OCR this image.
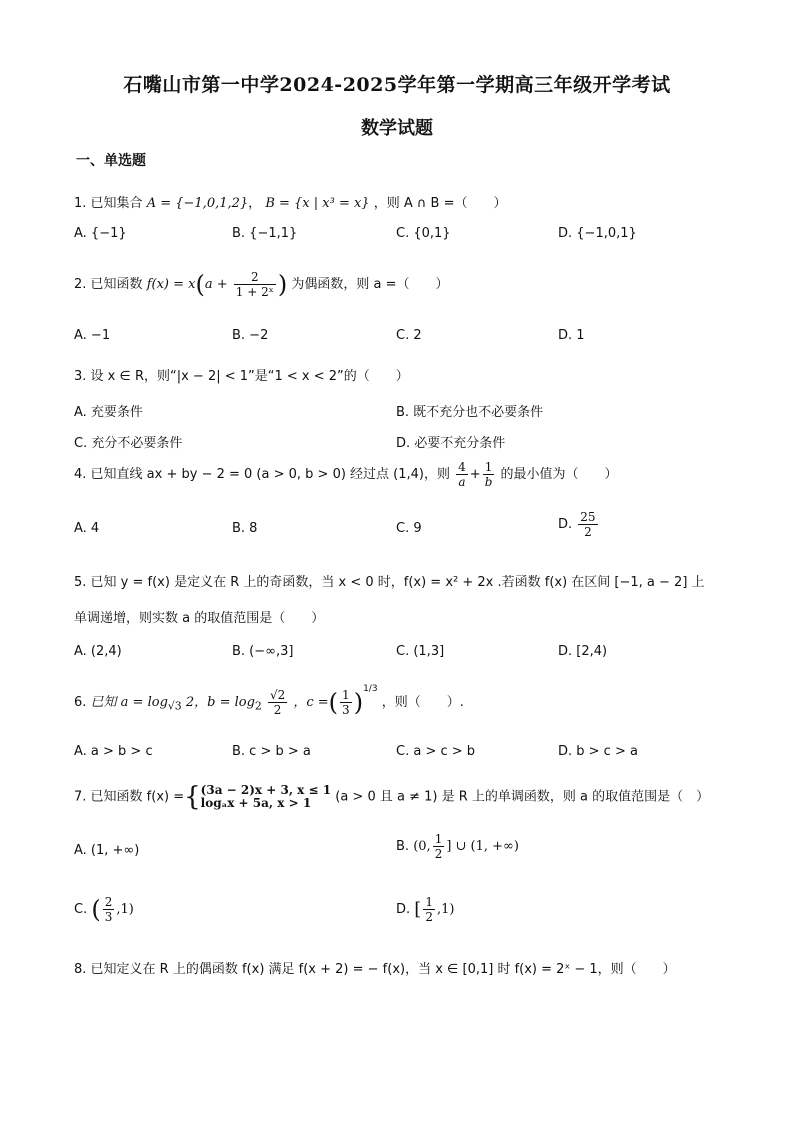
石嘴山市第一中学2024-2025学年第一学期高三年级开学考试
数学试题
一、单选题
1. 已知集合 A = {−1,0,1,2}， B = {x | x³ = x} ，则 A ∩ B =（　　）
A. {−1}	B. {−1,1}	C. {0,1}	D. {−1,0,1}
2. 已知函数 $f(x) = x(a + \frac{2}{\text{1 + 2ˣ}}$ ) 为偶函数，则 a =（　　）
A. −1	B. −2	C. 2	D. 1
3. 设 x ∈ R，则“|x − 2| < 1”是“1 < x < 2”的（　　）
A. 充要条件	B. 既不充分也不必要条件
C. 充分不必要条件	D. 必要不充分条件
4. 已知直线 ax + by − 2 = 0 (a > 0, b > 0) 经过点 (1,4)，则 $\frac{4}{a} + \frac{1}{b}$ 的最小值为（　　）
A. 4	B. 8	C. 9	D. $\frac{25}{2}$
5. 已知 y = f(x) 是定义在 R 上的奇函数，当 x < 0 时，f(x) = x² + 2x .若函数 f(x) 在区间 [−1, a − 2] 上
单调递增，则实数 a 的取值范围是（　　）
A. (2,4)	B. (−∞,3]	C. (1,3]	D. [2,4)
6. 已知 $a = \log_{√3} 2$，$b = \log_2 \frac{√2}{2}$ ，c =( $\frac{1}{3} )^{1/3}$ ，则（　　）.
A. a > b > c	B. c > b > a	C. a > c > b	D. b > c > a
7. 已知函数 f(x) ={ (3a − 2)x + 3, x ≤ 1
logₐx + 5a, x > 1	(a > 0 且 a ≠ 1) 是 R 上的单调函数，则 a 的取值范围是（　）
A. (1, +∞)	B. (0, $\frac{1}{2}$ ] ∪ (1, +∞)
C. ( $\frac{2}{3} ,1$)	D. [ $\frac{1}{2} ,1$)
8. 已知定义在 R 上的偶函数 f(x) 满足 f(x + 2) = − f(x)，当 x ∈ [0,1] 时 f(x) = 2ˣ − 1，则（　　）
